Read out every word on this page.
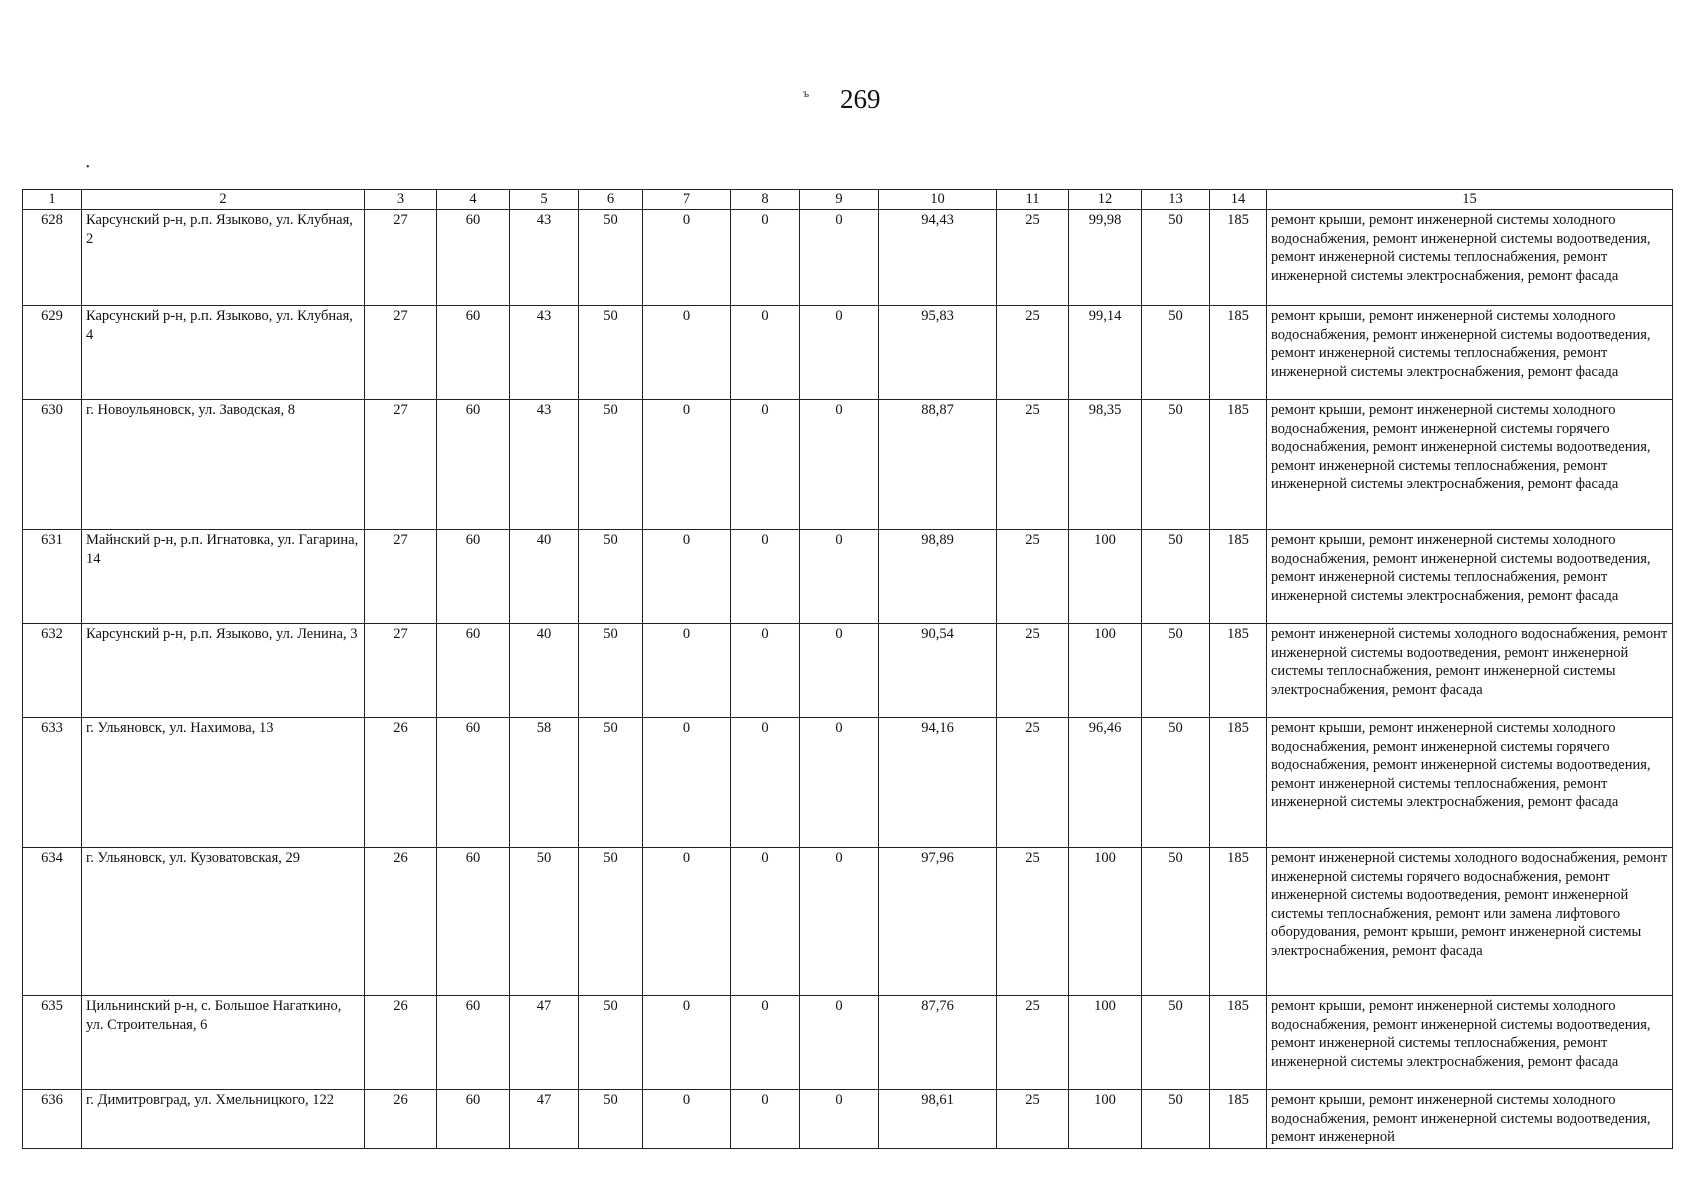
269
ъ
•
1	2	3	4	5	6	7	8	9	10	11	12	13	14	15
628	Карсунский р-н, р.п. Языково, ул. Клубная, 2	27	60	43	50	0	0	0	94,43	25	99,98	50	185	ремонт крыши, ремонт инженерной системы холодного водоснабжения, ремонт инженерной системы водоотведения, ремонт инженерной системы теплоснабжения, ремонт инженерной системы электроснабжения, ремонт фасада
629	Карсунский р-н, р.п. Языково, ул. Клубная, 4	27	60	43	50	0	0	0	95,83	25	99,14	50	185	ремонт крыши, ремонт инженерной системы холодного водоснабжения, ремонт инженерной системы водоотведения, ремонт инженерной системы теплоснабжения, ремонт инженерной системы электроснабжения, ремонт фасада
630	г. Новоульяновск, ул. Заводская, 8	27	60	43	50	0	0	0	88,87	25	98,35	50	185	ремонт крыши, ремонт инженерной системы холодного водоснабжения, ремонт инженерной системы горячего водоснабжения, ремонт инженерной системы водоотведения, ремонт инженерной системы теплоснабжения, ремонт инженерной системы электроснабжения, ремонт фасада
631	Майнский р-н, р.п. Игнатовка, ул. Гагарина, 14	27	60	40	50	0	0	0	98,89	25	100	50	185	ремонт крыши, ремонт инженерной системы холодного водоснабжения, ремонт инженерной системы водоотведения, ремонт инженерной системы теплоснабжения, ремонт инженерной системы электроснабжения, ремонт фасада
632	Карсунский р-н, р.п. Языково, ул. Ленина, 3	27	60	40	50	0	0	0	90,54	25	100	50	185	ремонт инженерной системы холодного водоснабжения, ремонт инженерной системы водоотведения, ремонт инженерной системы теплоснабжения, ремонт инженерной системы электроснабжения, ремонт фасада
633	г. Ульяновск, ул. Нахимова, 13	26	60	58	50	0	0	0	94,16	25	96,46	50	185	ремонт крыши, ремонт инженерной системы холодного водоснабжения, ремонт инженерной системы горячего водоснабжения, ремонт инженерной системы водоотведения, ремонт инженерной системы теплоснабжения, ремонт инженерной системы электроснабжения, ремонт фасада
634	г. Ульяновск, ул. Кузоватовская, 29	26	60	50	50	0	0	0	97,96	25	100	50	185	ремонт инженерной системы холодного водоснабжения, ремонт инженерной системы горячего водоснабжения, ремонт инженерной системы водоотведения, ремонт инженерной системы теплоснабжения, ремонт или замена лифтового оборудования, ремонт крыши, ремонт инженерной системы электроснабжения, ремонт фасада
635	Цильнинский р-н, с. Большое Нагаткино, ул. Строительная, 6	26	60	47	50	0	0	0	87,76	25	100	50	185	ремонт крыши, ремонт инженерной системы холодного водоснабжения, ремонт инженерной системы водоотведения, ремонт инженерной системы теплоснабжения, ремонт инженерной системы электроснабжения, ремонт фасада
636	г. Димитровград, ул. Хмельницкого, 122	26	60	47	50	0	0	0	98,61	25	100	50	185	ремонт крыши, ремонт инженерной системы холодного водоснабжения, ремонт инженерной системы водоотведения, ремонт инженерной
